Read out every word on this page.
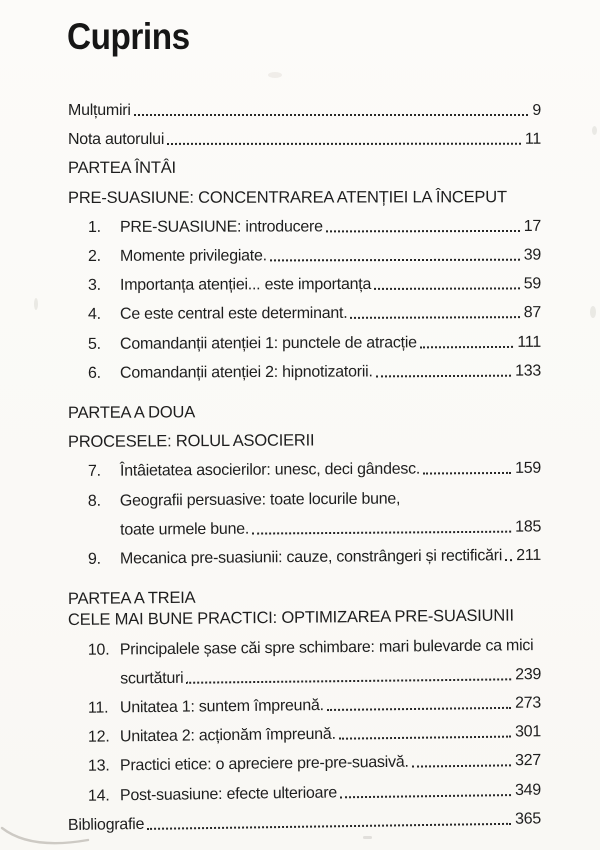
Cuprins
Mulțumiri	9
Nota autorului	11
PARTEA ÎNTÂI
PRE-SUASIUNE: CONCENTRAREA ATENȚIEI LA ÎNCEPUT
1.	PRE-SUASIUNE: introducere	17
2.	Momente privilegiate.	39
3.	Importanța atenției... este importanța	59
4.	Ce este central este determinant.	87
5.	Comandanții atenției 1: punctele de atracție	111
6.	Comandanții atenției 2: hipnotizatorii.	133
PARTEA A DOUA
PROCESELE: ROLUL ASOCIERII
7.	Întâietatea asocierilor: unesc, deci gândesc.	159
8.	Geografii persuasive: toate locurile bune,
toate urmele bune.	185
9.	Mecanica pre-suasiunii: cauze, constrângeri și rectificări 211
PARTEA A TREIA
CELE MAI BUNE PRACTICI: OPTIMIZAREA PRE-SUASIUNII
10. Principalele șase căi spre schimbare: mari bulevarde ca mici
scurtături	239
11. Unitatea 1: suntem împreună.	273
12. Unitatea 2: acționăm împreună.	301
13. Practici etice: o apreciere pre-pre-suasivă.	327
14. Post-suasiune: efecte ulterioare	349
Bibliografie	365
